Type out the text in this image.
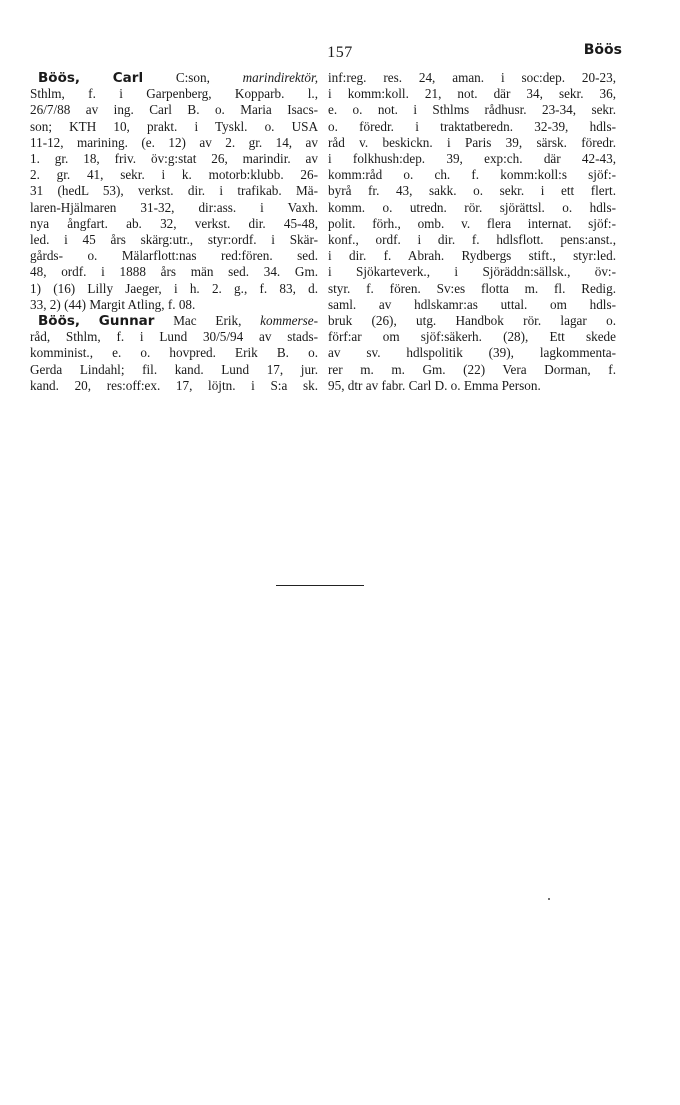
157	Böös
Böös, Carl C:son, marindirektör,
Sthlm, f. i Garpenberg, Kopparb. l.,
26/7/88 av ing. Carl B. o. Maria Isacs-
son; KTH 10, prakt. i Tyskl. o. USA
11-12, marining. (e. 12) av 2. gr. 14, av
1. gr. 18, friv. öv:g:stat 26, marindir. av
2. gr. 41, sekr. i k. motorb:klubb. 26-
31 (hedL 53), verkst. dir. i trafikab. Mä-
laren-Hjälmaren 31-32, dir:ass. i Vaxh.
nya ångfart. ab. 32, verkst. dir. 45-48,
led. i 45 års skärg:utr., styr:ordf. i Skär-
gårds- o. Mälarflott:nas red:fören. sed.
48, ordf. i 1888 års män sed. 34. Gm.
1) (16) Lilly Jaeger, i h. 2. g., f. 83, d.
33, 2) (44) Margit Atling, f. 08.
Böös, Gunnar Mac Erik, kommerse-
råd, Sthlm, f. i Lund 30/5/94 av stads-
komminist., e. o. hovpred. Erik B. o.
Gerda Lindahl; fil. kand. Lund 17, jur.
kand. 20, res:off:ex. 17, löjtn. i S:a sk.
inf:reg. res. 24, aman. i soc:dep. 20-23,
i komm:koll. 21, not. där 34, sekr. 36,
e. o. not. i Sthlms rådhusr. 23-34, sekr.
o. föredr. i traktatberedn. 32-39, hdls-
råd v. beskickn. i Paris 39, särsk. föredr.
i folkhush:dep. 39, exp:ch. där 42-43,
komm:råd o. ch. f. komm:koll:s sjöf:-
byrå fr. 43, sakk. o. sekr. i ett flert.
komm. o. utredn. rör. sjörättsl. o. hdls-
polit. förh., omb. v. flera internat. sjöf:-
konf., ordf. i dir. f. hdlsflott. pens:anst.,
i dir. f. Abrah. Rydbergs stift., styr:led.
i Sjökarteverk., i Sjöräddn:sällsk., öv:-
styr. f. fören. Sv:es flotta m. fl. Redig.
saml. av hdlskamr:as uttal. om hdls-
bruk (26), utg. Handbok rör. lagar o.
förf:ar om sjöf:säkerh. (28), Ett skede
av sv. hdlspolitik (39), lagkommenta-
rer m. m. Gm. (22) Vera Dorman, f.
95, dtr av fabr. Carl D. o. Emma Person.
